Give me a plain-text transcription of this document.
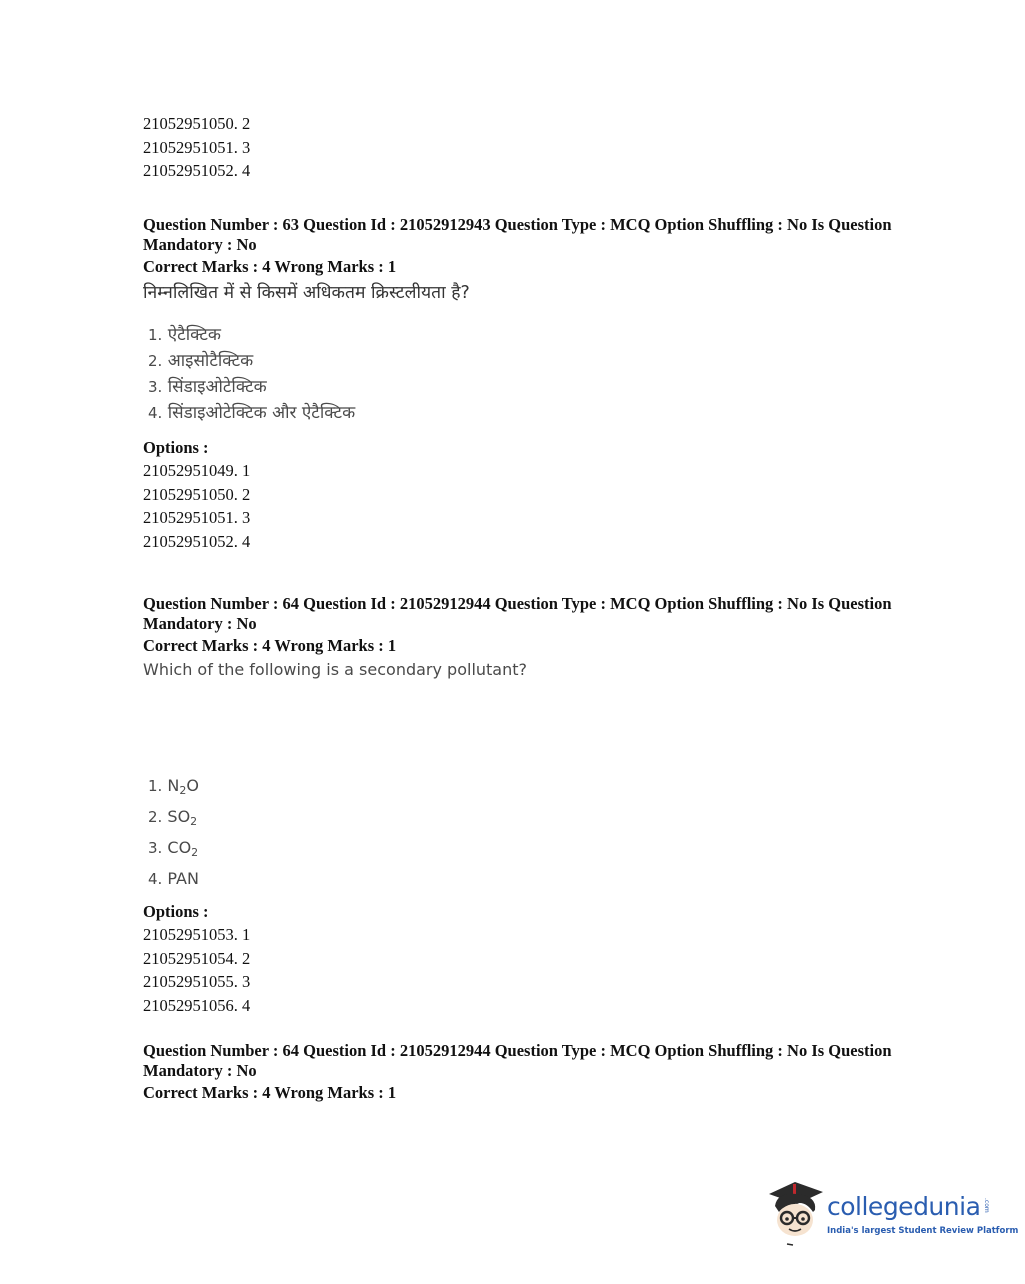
21052951050. 2
21052951051. 3
21052951052. 4

Question Number : 63 Question Id : 21052912943 Question Type : MCQ Option Shuffling : No Is Question Mandatory : No

Correct Marks : 4 Wrong Marks : 1
निम्नलिखित में से किसमें अधिकतम क्रिस्टलीयता है?
1. ऐटैक्टिक
2. आइसोटैक्टिक
3. सिंडाइओटेक्टिक
4. सिंडाइओटेक्टिक और ऐटैक्टिक
Options :
21052951049. 1
21052951050. 2
21052951051. 3
21052951052. 4

Question Number : 64 Question Id : 21052912944 Question Type : MCQ Option Shuffling : No Is Question Mandatory : No

Correct Marks : 4 Wrong Marks : 1
Which of the following is a secondary pollutant?
1. $N_2O$
2. $SO_2$
3. $CO_2$
4. PAN
Options :
21052951053. 1
21052951054. 2
21052951055. 3
21052951056. 4

Question Number : 64 Question Id : 21052912944 Question Type : MCQ Option Shuffling : No Is Question Mandatory : No

Correct Marks : 4 Wrong Marks : 1
collegedunia .com
India's largest Student Review Platform
